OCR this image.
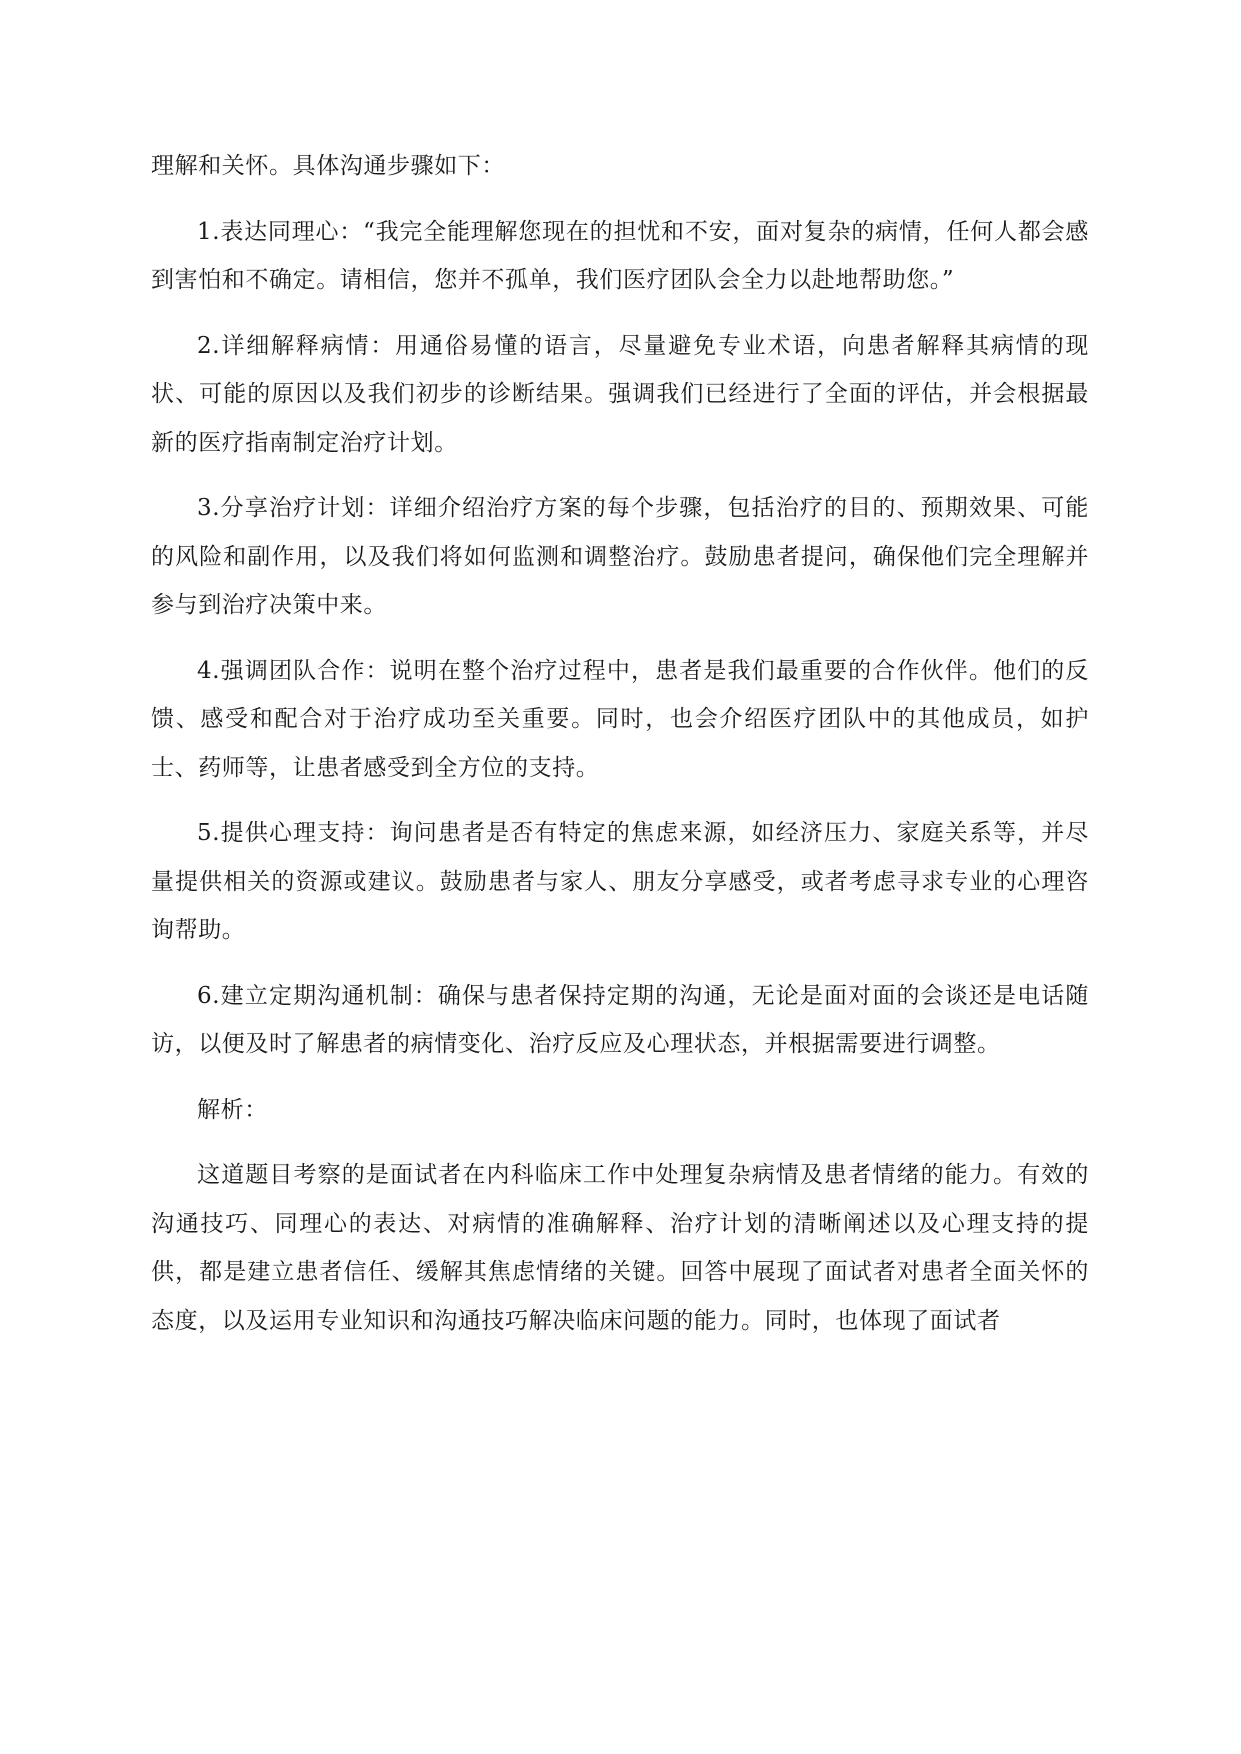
理解和关怀。具体沟通步骤如下：

1.表达同理心：“我完全能理解您现在的担忧和不安，面对复杂的病情，任何人都会感到害怕和不确定。请相信，您并不孤单，我们医疗团队会全力以赴地帮助您。”

2.详细解释病情：用通俗易懂的语言，尽量避免专业术语，向患者解释其病情的现状、可能的原因以及我们初步的诊断结果。强调我们已经进行了全面的评估，并会根据最新的医疗指南制定治疗计划。

3.分享治疗计划：详细介绍治疗方案的每个步骤，包括治疗的目的、预期效果、可能的风险和副作用，以及我们将如何监测和调整治疗。鼓励患者提问，确保他们完全理解并参与到治疗决策中来。

4.强调团队合作：说明在整个治疗过程中，患者是我们最重要的合作伙伴。他们的反馈、感受和配合对于治疗成功至关重要。同时，也会介绍医疗团队中的其他成员，如护士、药师等，让患者感受到全方位的支持。

5.提供心理支持：询问患者是否有特定的焦虑来源，如经济压力、家庭关系等，并尽量提供相关的资源或建议。鼓励患者与家人、朋友分享感受，或者考虑寻求专业的心理咨询帮助。

6.建立定期沟通机制：确保与患者保持定期的沟通，无论是面对面的会谈还是电话随访，以便及时了解患者的病情变化、治疗反应及心理状态，并根据需要进行调整。

解析：

这道题目考察的是面试者在内科临床工作中处理复杂病情及患者情绪的能力。有效的沟通技巧、同理心的表达、对病情的准确解释、治疗计划的清晰阐述以及心理支持的提供，都是建立患者信任、缓解其焦虑情绪的关键。回答中展现了面试者对患者全面关怀的态度，以及运用专业知识和沟通技巧解决临床问题的能力。同时，也体现了面试者
